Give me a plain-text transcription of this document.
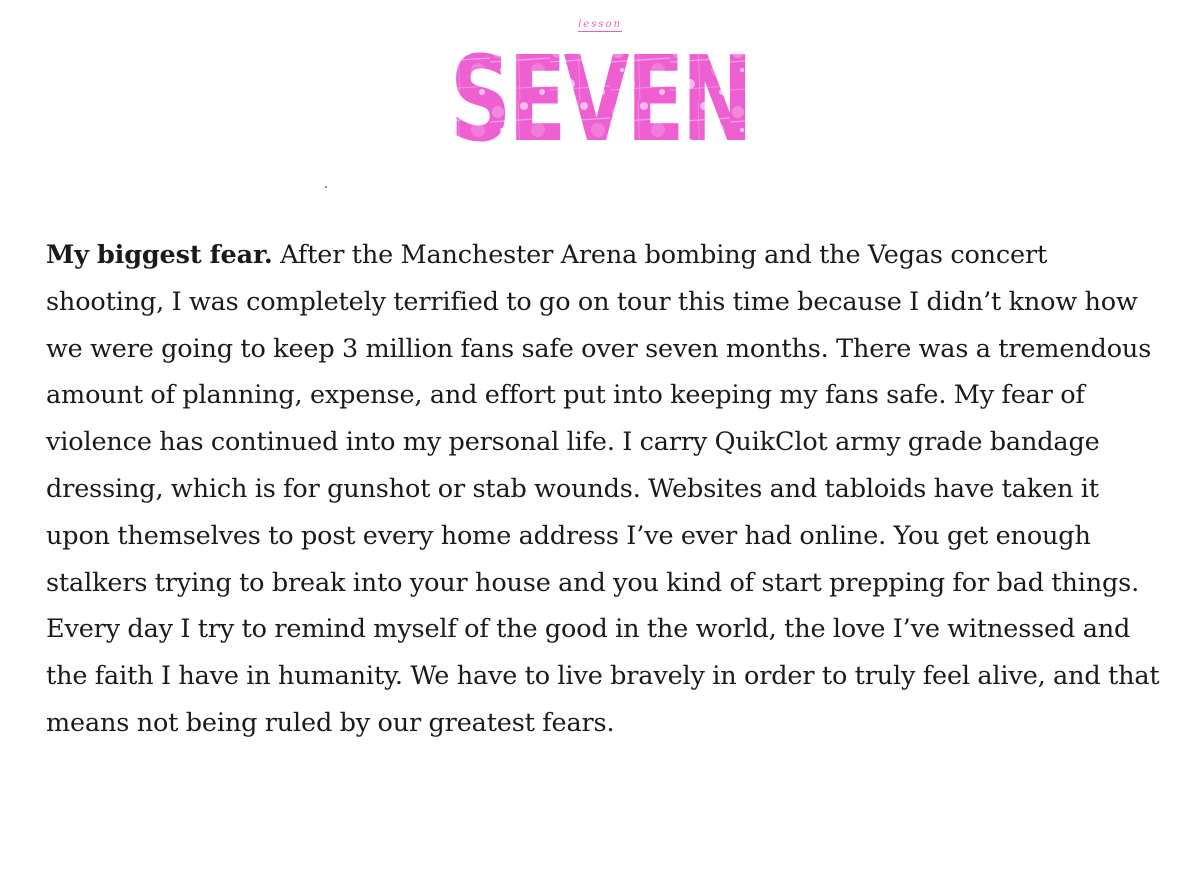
lesson
SEVEN

My biggest fear. After the Manchester Arena bombing and the Vegas concert shooting, I was completely terrified to go on tour this time because I didn’t know how we were going to keep 3 million fans safe over seven months. There was a tremendous amount of planning, expense, and effort put into keeping my fans safe. My fear of violence has continued into my personal life. I carry QuikClot army grade bandage dressing, which is for gunshot or stab wounds. Websites and tabloids have taken it upon themselves to post every home address I’ve ever had online. You get enough stalkers trying to break into your house and you kind of start prepping for bad things. Every day I try to remind myself of the good in the world, the love I’ve witnessed and the faith I have in humanity. We have to live bravely in order to truly feel alive, and that means not being ruled by our greatest fears.
